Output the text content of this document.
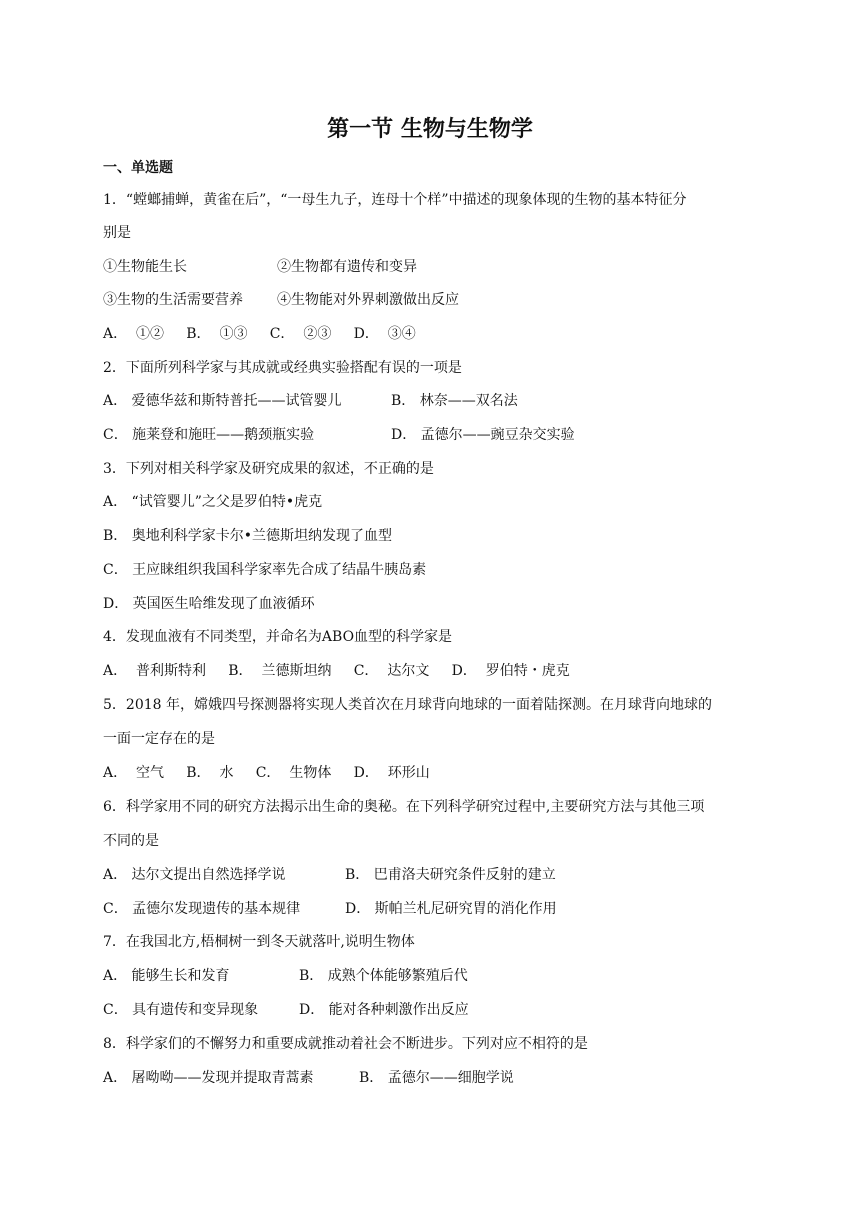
第一节 生物与生物学
一、单选题
1．“螳螂捕蝉，黄雀在后”，“一母生九子，连母十个样”中描述的现象体现的生物的基本特征分
别是
①生物能生长	②生物都有遗传和变异
③生物的生活需要营养 ④生物能对外界刺激做出反应
A．  ①②     B．  ①③     C．  ②③     D．  ③④
2．下面所列科学家与其成就或经典实验搭配有误的一项是
A． 爱德华兹和斯特普托——试管婴儿	B． 林奈——双名法
C． 施莱登和施旺——鹅颈瓶实验	D． 孟德尔——豌豆杂交实验
3．下列对相关科学家及研究成果的叙述，不正确的是
A． “试管婴儿”之父是罗伯特•虎克
B． 奥地利科学家卡尔•兰德斯坦纳发现了血型
C． 王应睐组织我国科学家率先合成了结晶牛胰岛素
D． 英国医生哈维发现了血液循环
4．发现血液有不同类型，并命名为ABO血型的科学家是
A．  普利斯特利     B．  兰德斯坦纳     C．  达尔文     D．  罗伯特・虎克
5．2018 年，嫦娥四号探测器将实现人类首次在月球背向地球的一面着陆探测。在月球背向地球的
一面一定存在的是
A．  空气     B．  水     C．  生物体     D．  环形山
6．科学家用不同的研究方法揭示出生命的奥秘。在下列科学研究过程中,主要研究方法与其他三项
不同的是
A． 达尔文提出自然选择学说	B． 巴甫洛夫研究条件反射的建立
C． 孟德尔发现遗传的基本规律	D． 斯帕兰札尼研究胃的消化作用
7．在我国北方,梧桐树一到冬天就落叶,说明生物体
A． 能够生长和发育	B． 成熟个体能够繁殖后代
C． 具有遗传和变异现象	D． 能对各种刺激作出反应
8．科学家们的不懈努力和重要成就推动着社会不断进步。下列对应不相符的是
A． 屠呦呦——发现并提取青蒿素	B． 孟德尔——细胞学说
